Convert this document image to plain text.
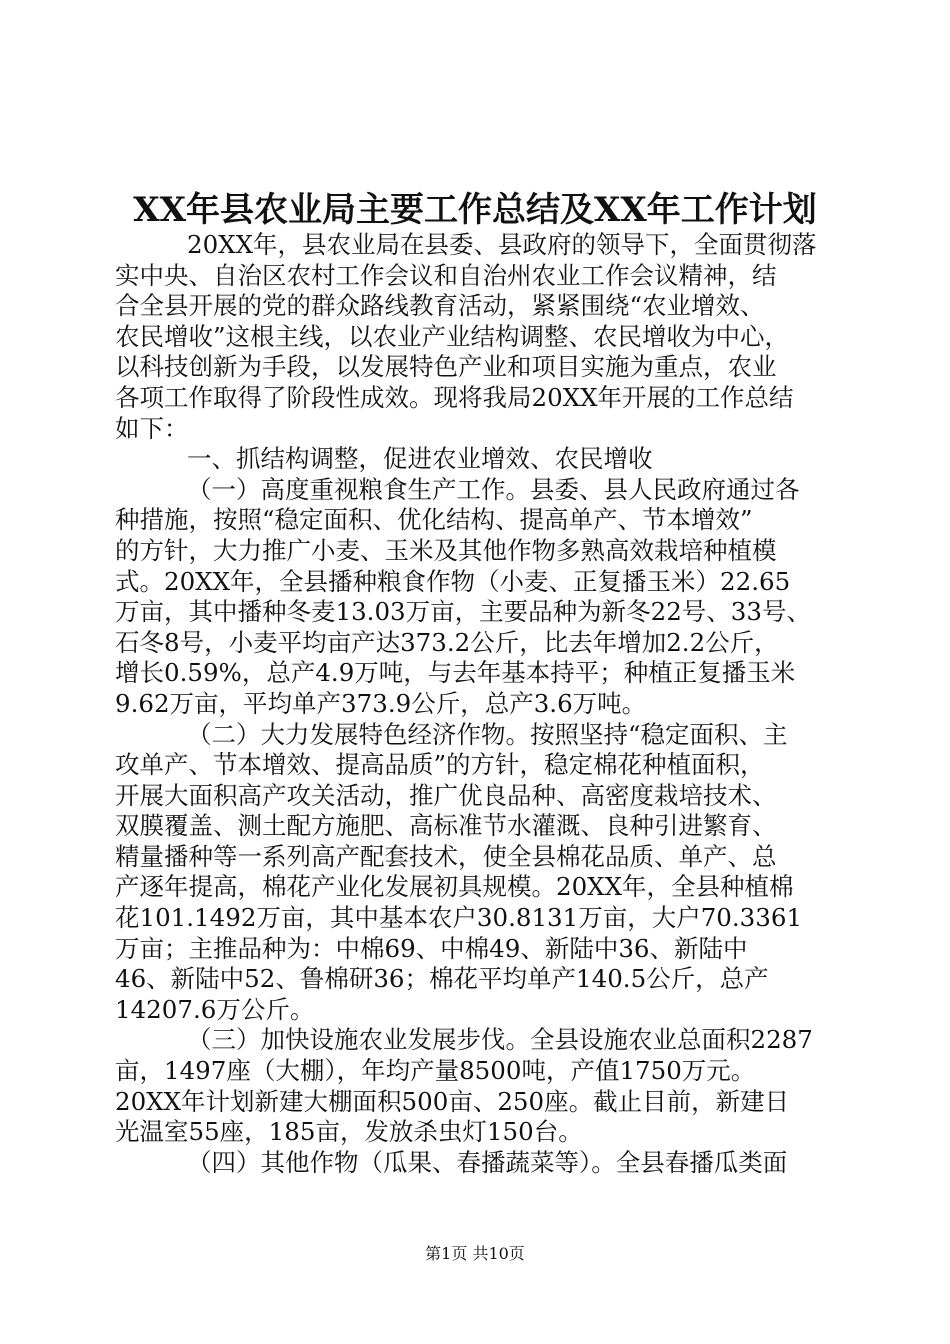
XX年县农业局主要工作总结及XX年工作计划
20XX年，县农业局在县委、县政府的领导下，全面贯彻落
实中央、自治区农村工作会议和自治州农业工作会议精神，结
合全县开展的党的群众路线教育活动，紧紧围绕“农业增效、
农民增收”这根主线，以农业产业结构调整、农民增收为中心，
以科技创新为手段，以发展特色产业和项目实施为重点，农业
各项工作取得了阶段性成效。现将我局20XX年开展的工作总结
如下：
一、抓结构调整，促进农业增效、农民增收
（一）高度重视粮食生产工作。县委、县人民政府通过各
种措施，按照“稳定面积、优化结构、提高单产、节本增效”
的方针，大力推广小麦、玉米及其他作物多熟高效栽培种植模
式。20XX年，全县播种粮食作物（小麦、正复播玉米）22.65
万亩，其中播种冬麦13.03万亩，主要品种为新冬22号、33号、
石冬8号，小麦平均亩产达373.2公斤，比去年增加2.2公斤，
增长0.59%，总产4.9万吨，与去年基本持平；种植正复播玉米
9.62万亩，平均单产373.9公斤，总产3.6万吨。
（二）大力发展特色经济作物。按照坚持“稳定面积、主
攻单产、节本增效、提高品质”的方针，稳定棉花种植面积，
开展大面积高产攻关活动，推广优良品种、高密度栽培技术、
双膜覆盖、测土配方施肥、高标准节水灌溉、良种引进繁育、
精量播种等一系列高产配套技术，使全县棉花品质、单产、总
产逐年提高，棉花产业化发展初具规模。20XX年，全县种植棉
花101.1492万亩，其中基本农户30.8131万亩，大户70.3361
万亩；主推品种为：中棉69、中棉49、新陆中36、新陆中
46、新陆中52、鲁棉研36；棉花平均单产140.5公斤，总产
14207.6万公斤。
（三）加快设施农业发展步伐。全县设施农业总面积2287
亩，1497座（大棚），年均产量8500吨，产值1750万元。
20XX年计划新建大棚面积500亩、250座。截止目前，新建日
光温室55座，185亩，发放杀虫灯150台。
（四）其他作物（瓜果、春播蔬菜等）。全县春播瓜类面
第1页 共10页
